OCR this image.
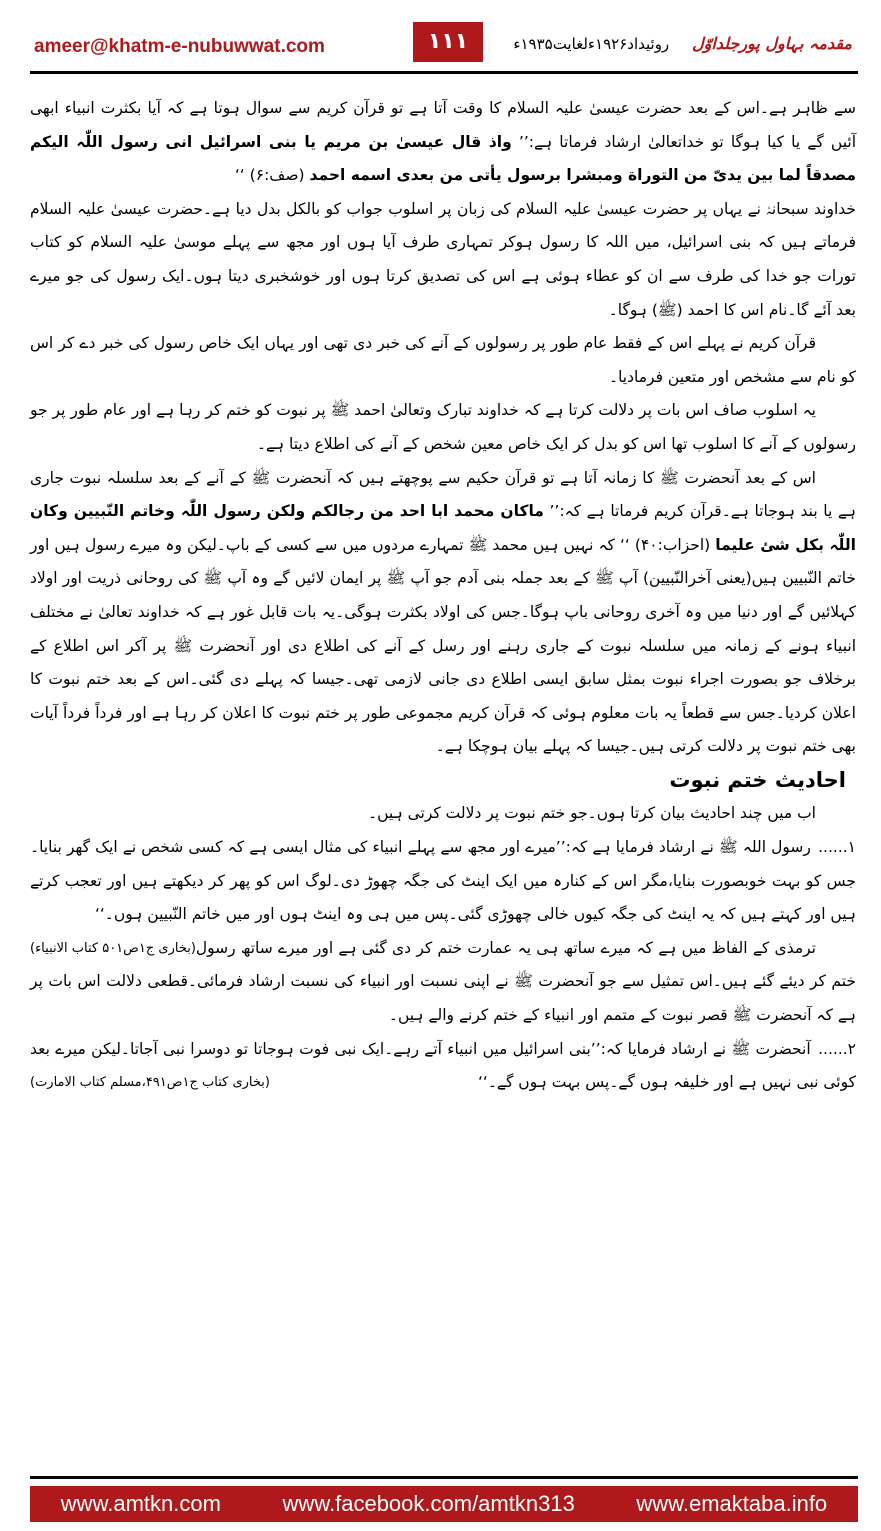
ameer@khatm-e-nubuwwat.com	۱۱۱	مقدمہ بہاول پورجلداوّل روئیداد۱۹۲۶ءلغایت۱۹۳۵ء

سے ظاہر ہے۔اس کے بعد حضرت عیسیٰ علیہ السلام کا وقت آتا ہے تو قرآن کریم سے سوال ہوتا ہے کہ آیا بکثرت انبیاء ابھی آئیں گے یا کیا ہوگا تو خداتعالیٰ ارشاد فرماتا ہے:’’ واذ قال عیسیٰ بن مریم یا بنی اسرائیل انی رسول اللّٰہ الیکم مصدقاً لما بین یدیّ من التوراة ومبشرا برسول یأتی من بعدی اسمه احمد (صف:۶) ‘‘

خداوند سبحانہٗ نے یہاں پر حضرت عیسیٰ علیہ السلام کی زبان پر اسلوب جواب کو بالکل بدل دیا ہے۔حضرت عیسیٰ علیہ السلام فرماتے ہیں کہ بنی اسرائیل، میں اللہ کا رسول ہوکر تمہاری طرف آیا ہوں اور مجھ سے پہلے موسیٰ علیہ السلام کو کتاب تورات جو خدا کی طرف سے ان کو عطاء ہوئی ہے اس کی تصدیق کرتا ہوں اور خوشخبری دیتا ہوں۔ایک رسول کی جو میرے بعد آئے گا۔نام اس کا احمد (ﷺ) ہوگا۔

قرآن کریم نے پہلے اس کے فقط عام طور پر رسولوں کے آنے کی خبر دی تھی اور یہاں ایک خاص رسول کی خبر دے کر اس کو نام سے مشخص اور متعین فرمادیا۔

یہ اسلوب صاف اس بات پر دلالت کرتا ہے کہ خداوند تبارک وتعالیٰ احمد ﷺ پر نبوت کو ختم کر رہا ہے اور عام طور پر جو رسولوں کے آنے کا اسلوب تھا اس کو بدل کر ایک خاص معین شخص کے آنے کی اطلاع دیتا ہے۔

اس کے بعد آنحضرت ﷺ کا زمانہ آتا ہے تو قرآن حکیم سے پوچھتے ہیں کہ آنحضرت ﷺ کے آنے کے بعد سلسلہ نبوت جاری ہے یا بند ہوجاتا ہے۔قرآن کریم فرماتا ہے کہ:’’ ماکان محمد ابا احد من رجالکم ولکن رسول اللّٰہ وخاتم النّبیین وکان اللّٰہ بکل شئ علیما (احزاب:۴۰) ‘‘ کہ نہیں ہیں محمد ﷺ تمہارے مردوں میں سے کسی کے باپ۔لیکن وہ میرے رسول ہیں اور خاتم النّبیین ہیں(یعنی آخرالنّبیین) آپ ﷺ کے بعد جملہ بنی آدم جو آپ ﷺ پر ایمان لائیں گے وہ آپ ﷺ کی روحانی ذریت اور اولاد کہلائیں گے اور دنیا میں وہ آخری روحانی باپ ہوگا۔جس کی اولاد بکثرت ہوگی۔یہ بات قابل غور ہے کہ خداوند تعالیٰ نے مختلف انبیاء ہونے کے زمانہ میں سلسلہ نبوت کے جاری رہنے اور رسل کے آنے کی اطلاع دی اور آنحضرت ﷺ پر آکر اس اطلاع کے برخلاف جو بصورت اجراء نبوت بمثل سابق ایسی اطلاع دی جانی لازمی تھی۔جیسا کہ پہلے دی گئی۔اس کے بعد ختم نبوت کا اعلان کردیا۔جس سے قطعاً یہ بات معلوم ہوئی کہ قرآن کریم مجموعی طور پر ختم نبوت کا اعلان کر رہا ہے اور فرداً فرداً آیات بھی ختم نبوت پر دلالت کرتی ہیں۔جیسا کہ پہلے بیان ہوچکا ہے۔

احادیث ختم نبوت

اب میں چند احادیث بیان کرتا ہوں۔جو ختم نبوت پر دلالت کرتی ہیں۔

۱...... رسول اللہ ﷺ نے ارشاد فرمایا ہے کہ:’’میرے اور مجھ سے پہلے انبیاء کی مثال ایسی ہے کہ کسی شخص نے ایک گھر بنایا۔جس کو بہت خوبصورت بنایا،مگر اس کے کنارہ میں ایک اینٹ کی جگہ چھوڑ دی۔لوگ اس کو پھر کر دیکھتے ہیں اور تعجب کرتے ہیں اور کہتے ہیں کہ یہ اینٹ کی جگہ کیوں خالی چھوڑی گئی۔پس میں ہی وہ اینٹ ہوں اور میں خاتم النّبیین ہوں۔‘‘
(بخاری ج۱ص۵۰۱ کتاب الانبیاء) ترمذی کے الفاظ میں ہے کہ میرے ساتھ ہی یہ عمارت ختم کر دی گئی ہے اور میرے ساتھ رسول ختم کر دیئے گئے ہیں۔اس تمثیل سے جو آنحضرت ﷺ نے اپنی نسبت اور انبیاء کی نسبت ارشاد فرمائی۔قطعی دلالت اس بات پر ہے کہ آنحضرت ﷺ قصر نبوت کے متمم اور انبیاء کے ختم کرنے والے ہیں۔

۲...... آنحضرت ﷺ نے ارشاد فرمایا کہ:’’بنی اسرائیل میں انبیاء آتے رہے۔ایک نبی فوت ہوجاتا تو دوسرا نبی آجاتا۔لیکن میرے بعد کوئی نبی نہیں ہے اور خلیفہ ہوں گے۔پس بہت ہوں گے۔‘‘
(بخاری کتاب ج۱ص۴۹۱،مسلم کتاب الامارت)

www.amtkn.com	www.facebook.com/amtkn313	www.emaktaba.info
